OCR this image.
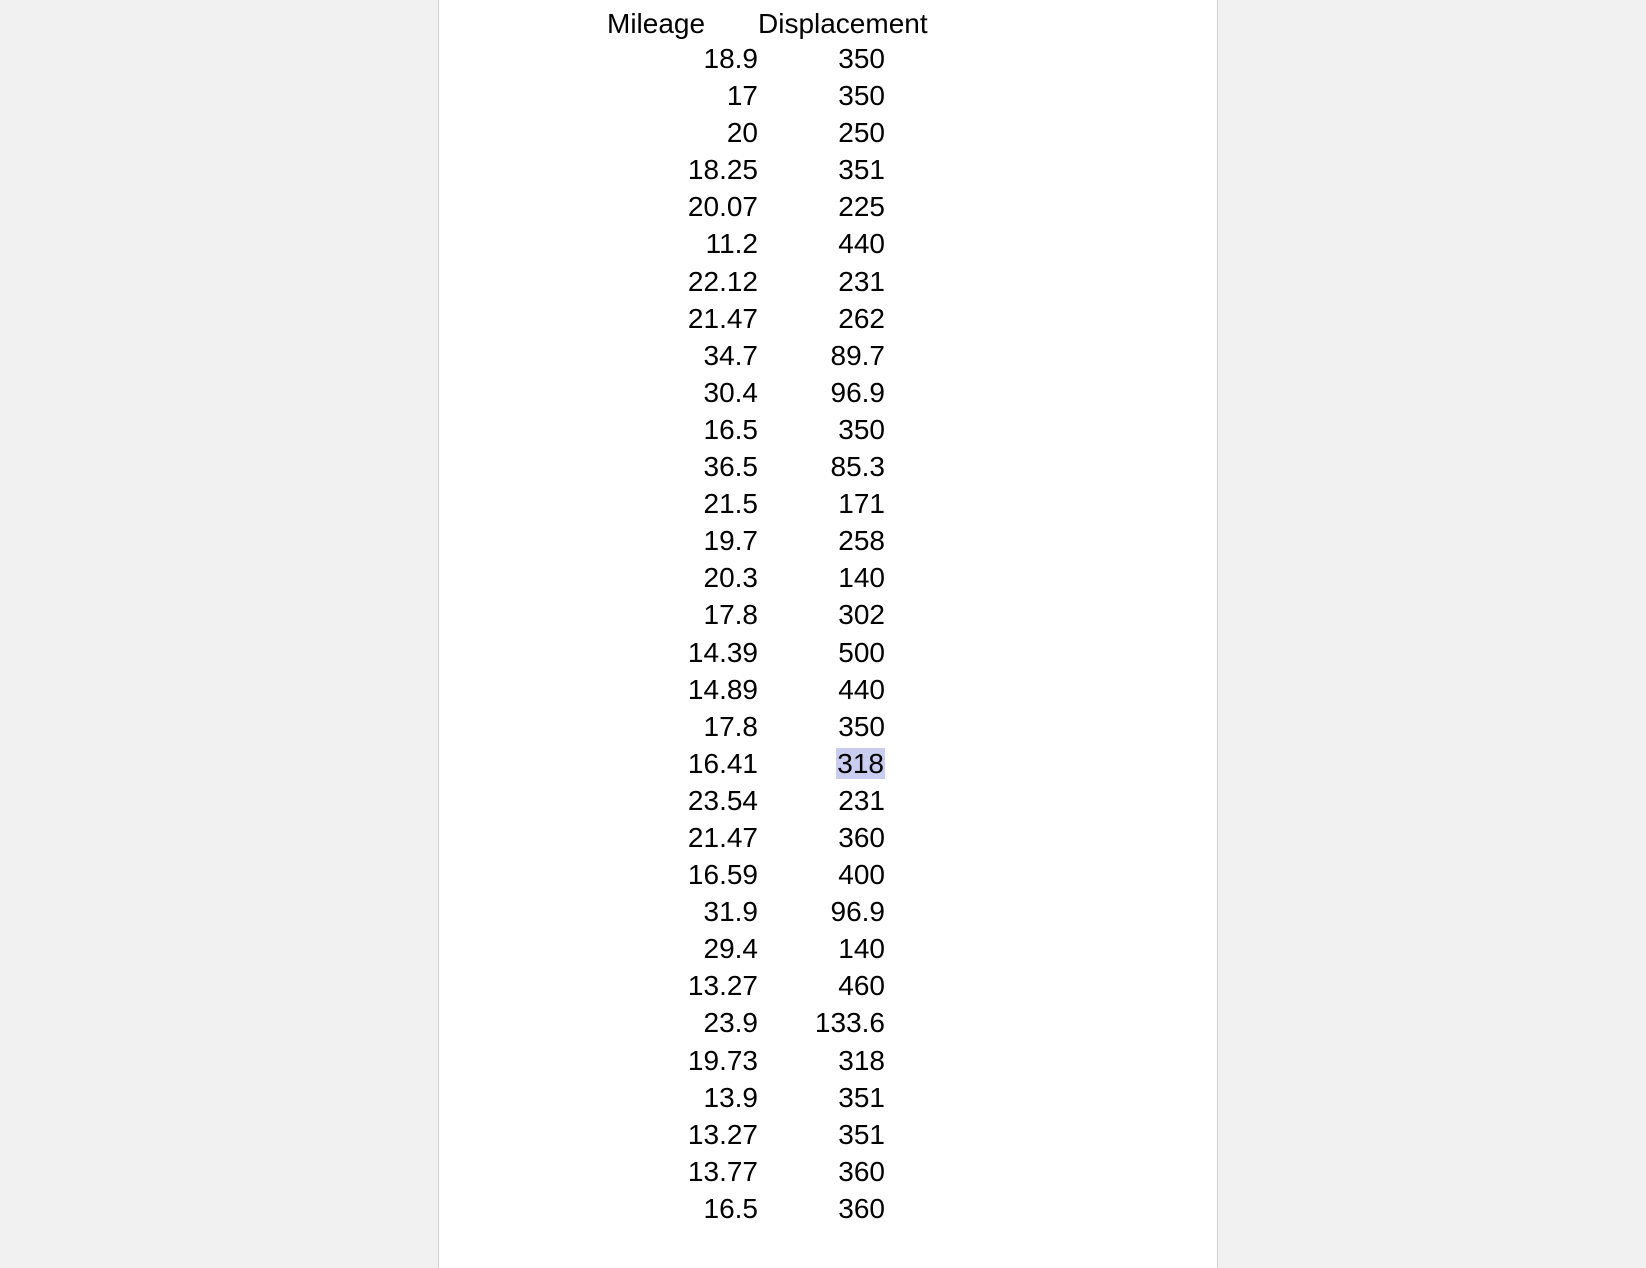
Mileage	Displacement
18.9	350
17	350
20	250
18.25	351
20.07	225
11.2	440
22.12	231
21.47	262
34.7	89.7
30.4	96.9
16.5	350
36.5	85.3
21.5	171
19.7	258
20.3	140
17.8	302
14.39	500
14.89	440
17.8	350
16.41	318
23.54	231
21.47	360
16.59	400
31.9	96.9
29.4	140
13.27	460
23.9	133.6
19.73	318
13.9	351
13.27	351
13.77	360
16.5	360
